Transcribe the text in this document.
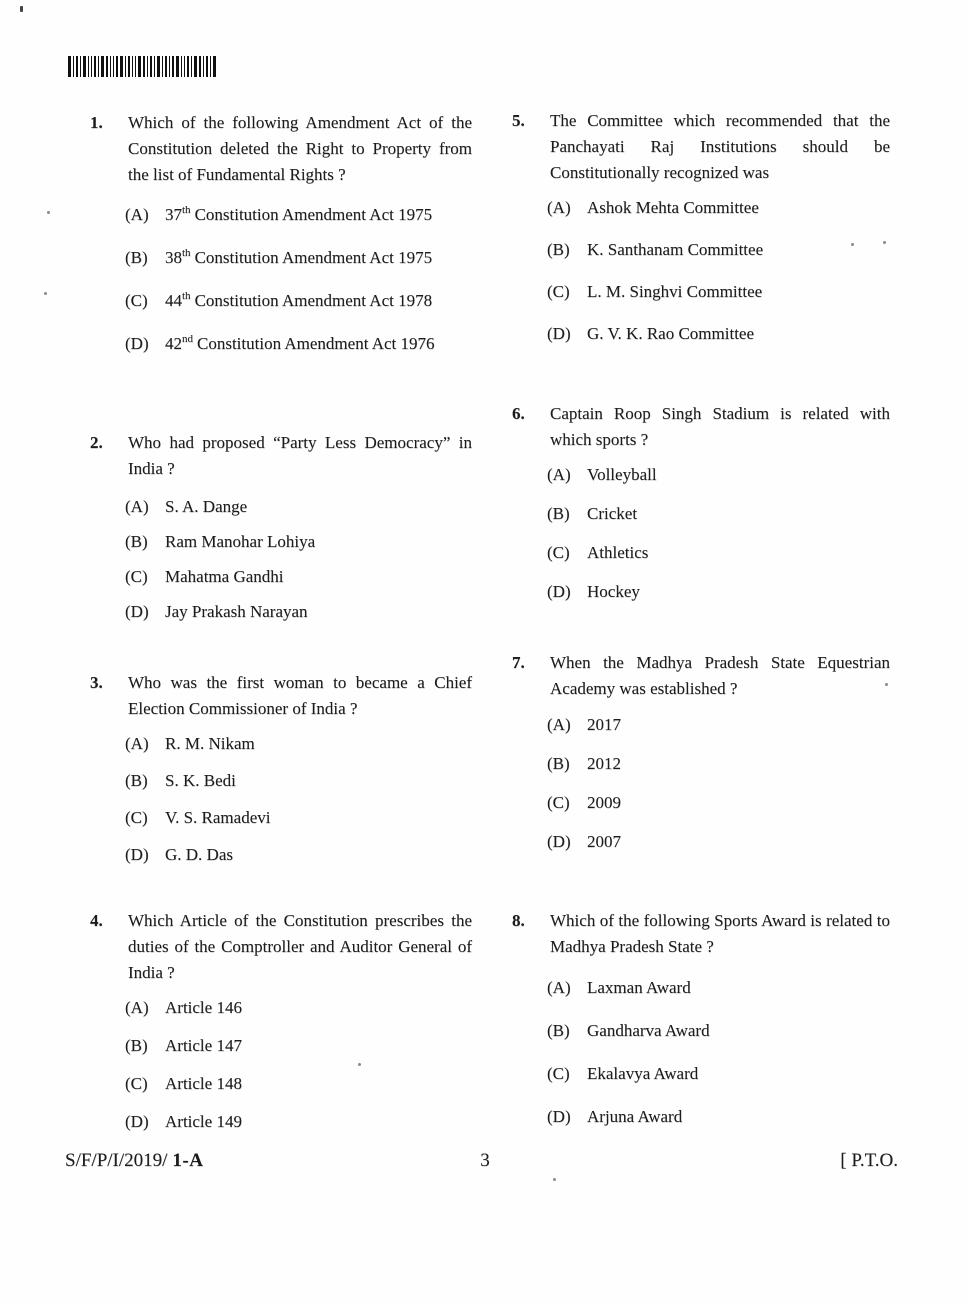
1.	Which of the following Amendment Act of the Constitution deleted the Right to Property from the list of Fundamental Rights ?
(A) 37th Constitution Amendment Act 1975
(B)	38th Constitution Amendment Act 1975
(C)	44th Constitution Amendment Act 1978
(D) 42nd Constitution Amendment Act 1976
2.	Who had proposed “Party Less Democracy” in India ?
(A) S. A. Dange
(B)	Ram Manohar Lohiya
(C)	Mahatma Gandhi
(D) Jay Prakash Narayan
3.	Who was the first woman to became a Chief Election Commissioner of India ?
(A) R. M. Nikam
(B)	S. K. Bedi
(C)	V. S. Ramadevi
(D) G. D. Das
4.	Which Article of the Constitution prescribes the duties of the Comptroller and Auditor General of India ?
(A) Article 146
(B)	Article 147
(C)	Article 148
(D) Article 149
5.	The Committee which recommended that the Panchayati Raj Institutions should be Constitutionally recognized was
(A) Ashok Mehta Committee
(B)	K. Santhanam Committee
(C)	L. M. Singhvi Committee
(D) G. V. K. Rao Committee
6.	Captain Roop Singh Stadium is related with which sports ?
(A) Volleyball
(B)	Cricket
(C)	Athletics
(D) Hockey
7.	When the Madhya Pradesh State Equestrian Academy was established ?
(A) 2017
(B)	2012
(C)	2009
(D) 2007
8.	Which of the following Sports Award is related to Madhya Pradesh State ?
(A) Laxman Award
(B)	Gandharva Award
(C)	Ekalavya Award
(D) Arjuna Award
S/F/P/I/2019/ 1-A	3	[ P.T.O.
